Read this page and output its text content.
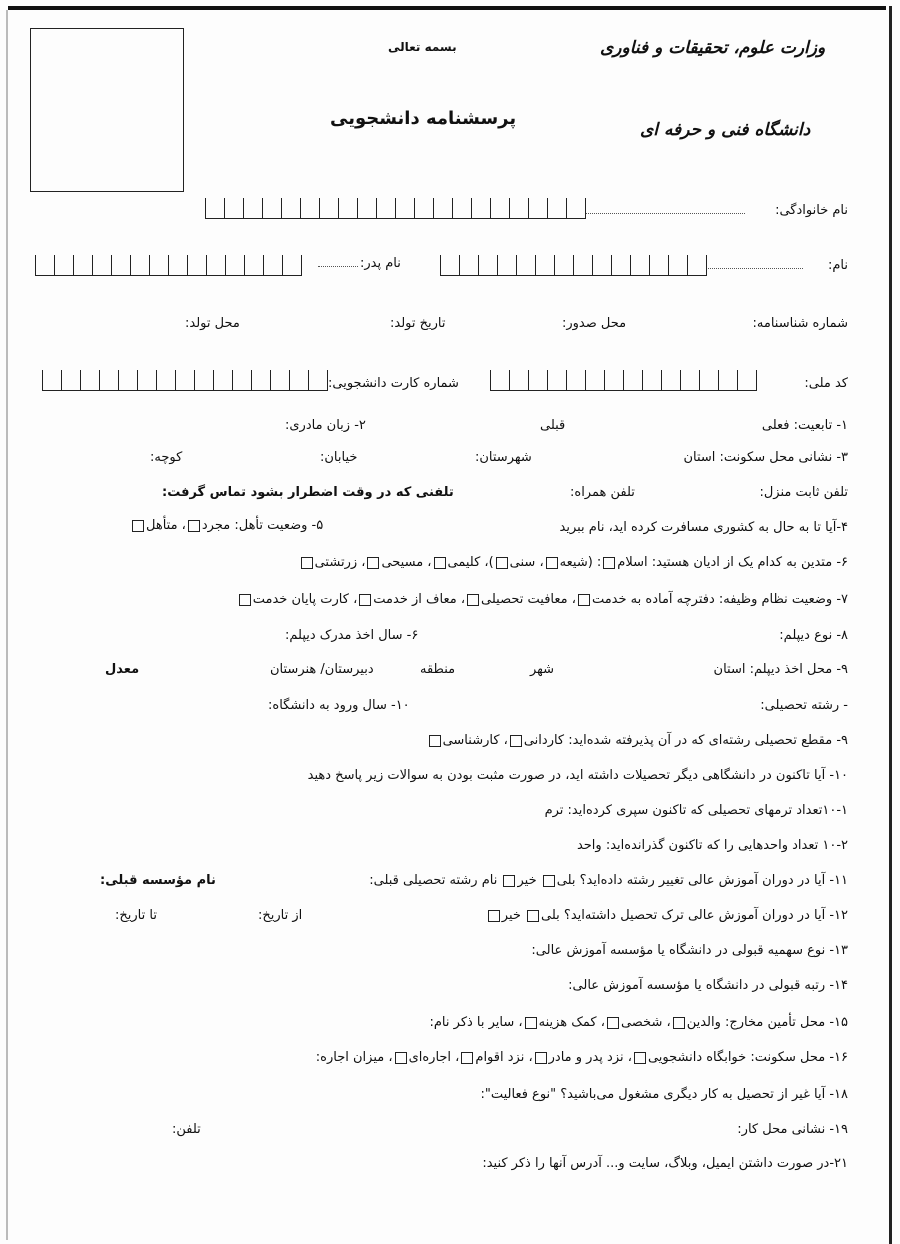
وزارت علوم، تحقیقات و فناوری
دانشگاه فنی و حرفه ای
بسمه تعالی
پرسشنامه دانشجویی
نام خانوادگی:
نام:
نام پدر:
شماره شناسنامه:
محل صدور:
تاریخ تولد:
محل تولد:
کد ملی:
شماره کارت دانشجویی:
۱- تابعیت: فعلی
قبلی
۲- زبان مادری:
۳- نشانی محل سکونت: استان
شهرستان:
خیابان:
کوچه:
تلفن ثابت منزل:
تلفن همراه:
تلفنی که در وقت اضطرار بشود تماس گرفت:
۴-آیا تا به حال به کشوری مسافرت کرده اید، نام ببرید
۵- وضعیت تأهل: مجرد، متأهل
۶- متدین به کدام یک از ادیان هستید: اسلام: (شیعه، سنی)، کلیمی، مسیحی، زرتشتی
۷- وضعیت نظام وظیفه: دفترچه آماده به خدمت، معافیت تحصیلی، معاف از خدمت، کارت پایان خدمت
۸- نوع دیپلم:
۶- سال اخذ مدرک دیپلم:
۹- محل اخذ دیپلم: استان
شهر
منطقه
دبیرستان/ هنرستان
معدل
- رشته تحصیلی:
۱۰- سال ورود به دانشگاه:
۹- مقطع تحصیلی رشته‌ای که در آن پذیرفته شده‌اید: کاردانی، کارشناسی
۱۰- آیا تاکنون در دانشگاهی دیگر تحصیلات داشته اید، در صورت مثبت بودن به سوالات زیر پاسخ دهید
۱۰-۱تعداد ترمهای تحصیلی که تاکنون سپری کرده‌اید: ترم
۱۰-۲ تعداد واحدهایی را که تاکنون گذرانده‌اید: واحد
۱۱- آیا در دوران آموزش عالی تغییر رشته داده‌اید؟ بلی خیر نام رشته تحصیلی قبلی:
نام مؤسسه قبلی:
۱۲- آیا در دوران آموزش عالی ترک تحصیل داشته‌اید؟ بلی خیر
از تاریخ:
تا تاریخ:
۱۳- نوع سهمیه قبولی در دانشگاه یا مؤسسه آموزش عالی:
۱۴- رتبه قبولی در دانشگاه یا مؤسسه آموزش عالی:
۱۵- محل تأمین مخارج: والدین، شخصی، کمک هزینه، سایر با ذکر نام:
۱۶- محل سکونت: خوابگاه دانشجویی، نزد پدر و مادر، نزد اقوام، اجاره‌ای، میزان اجاره:
۱۸- آیا غیر از تحصیل به کار دیگری مشغول می‌باشید؟ "نوع فعالیت":
۱۹- نشانی محل کار:
تلفن:
۲۱-در صورت داشتن ایمیل، وبلاگ، سایت و... آدرس آنها را ذکر کنید:
